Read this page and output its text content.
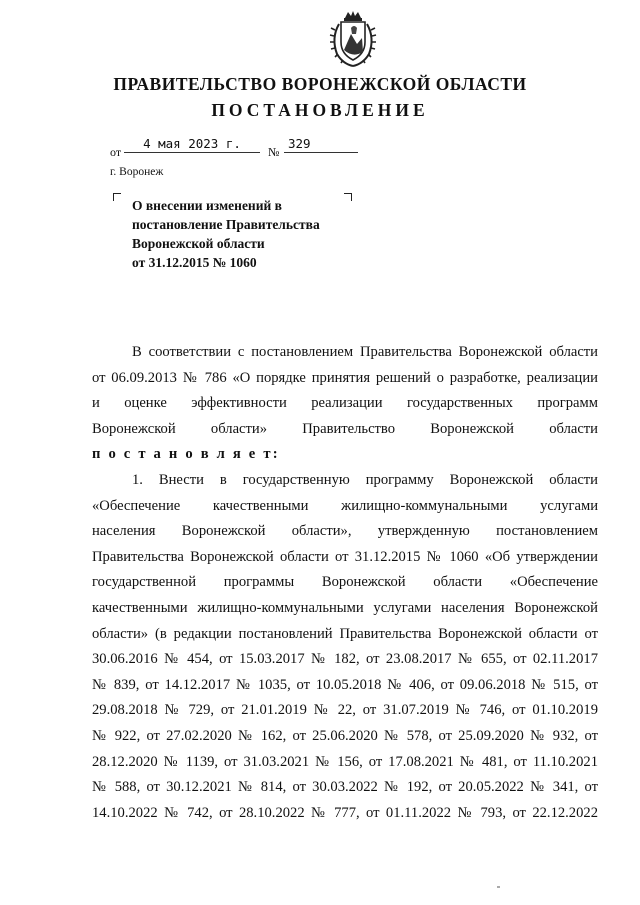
ПРАВИТЕЛЬСТВО ВОРОНЕЖСКОЙ ОБЛАСТИ
ПОСТАНОВЛЕНИЕ
от
4 мая 2023 г.
№
329
г. Воронеж
О внесении изменений в
постановление Правительства
Воронежской области
от 31.12.2015 № 1060
В соответствии с постановлением Правительства Воронежской области
от 06.09.2013 № 786 «О порядке принятия решений о разработке, реализации
и оценке эффективности реализации государственных программ
Воронежской области» Правительство Воронежской области
п о с т а н о в л я е т:
1. Внести в государственную программу Воронежской области
«Обеспечение качественными жилищно-коммунальными услугами
населения Воронежской области», утвержденную постановлением
Правительства Воронежской области от 31.12.2015 № 1060 «Об утверждении
государственной программы Воронежской области «Обеспечение
качественными жилищно-коммунальными услугами населения Воронежской
области» (в редакции постановлений Правительства Воронежской области от
30.06.2016 № 454, от 15.03.2017 № 182, от 23.08.2017 № 655, от 02.11.2017
№ 839, от 14.12.2017 № 1035, от 10.05.2018 № 406, от 09.06.2018 № 515, от
29.08.2018 № 729, от 21.01.2019 № 22, от 31.07.2019 № 746, от 01.10.2019
№ 922, от 27.02.2020 № 162, от 25.06.2020 № 578, от 25.09.2020 № 932, от
28.12.2020 № 1139, от 31.03.2021 № 156, от 17.08.2021 № 481, от 11.10.2021
№ 588, от 30.12.2021 № 814, от 30.03.2022 № 192, от 20.05.2022 № 341, от
14.10.2022 № 742, от 28.10.2022 № 777, от 01.11.2022 № 793, от 22.12.2022
